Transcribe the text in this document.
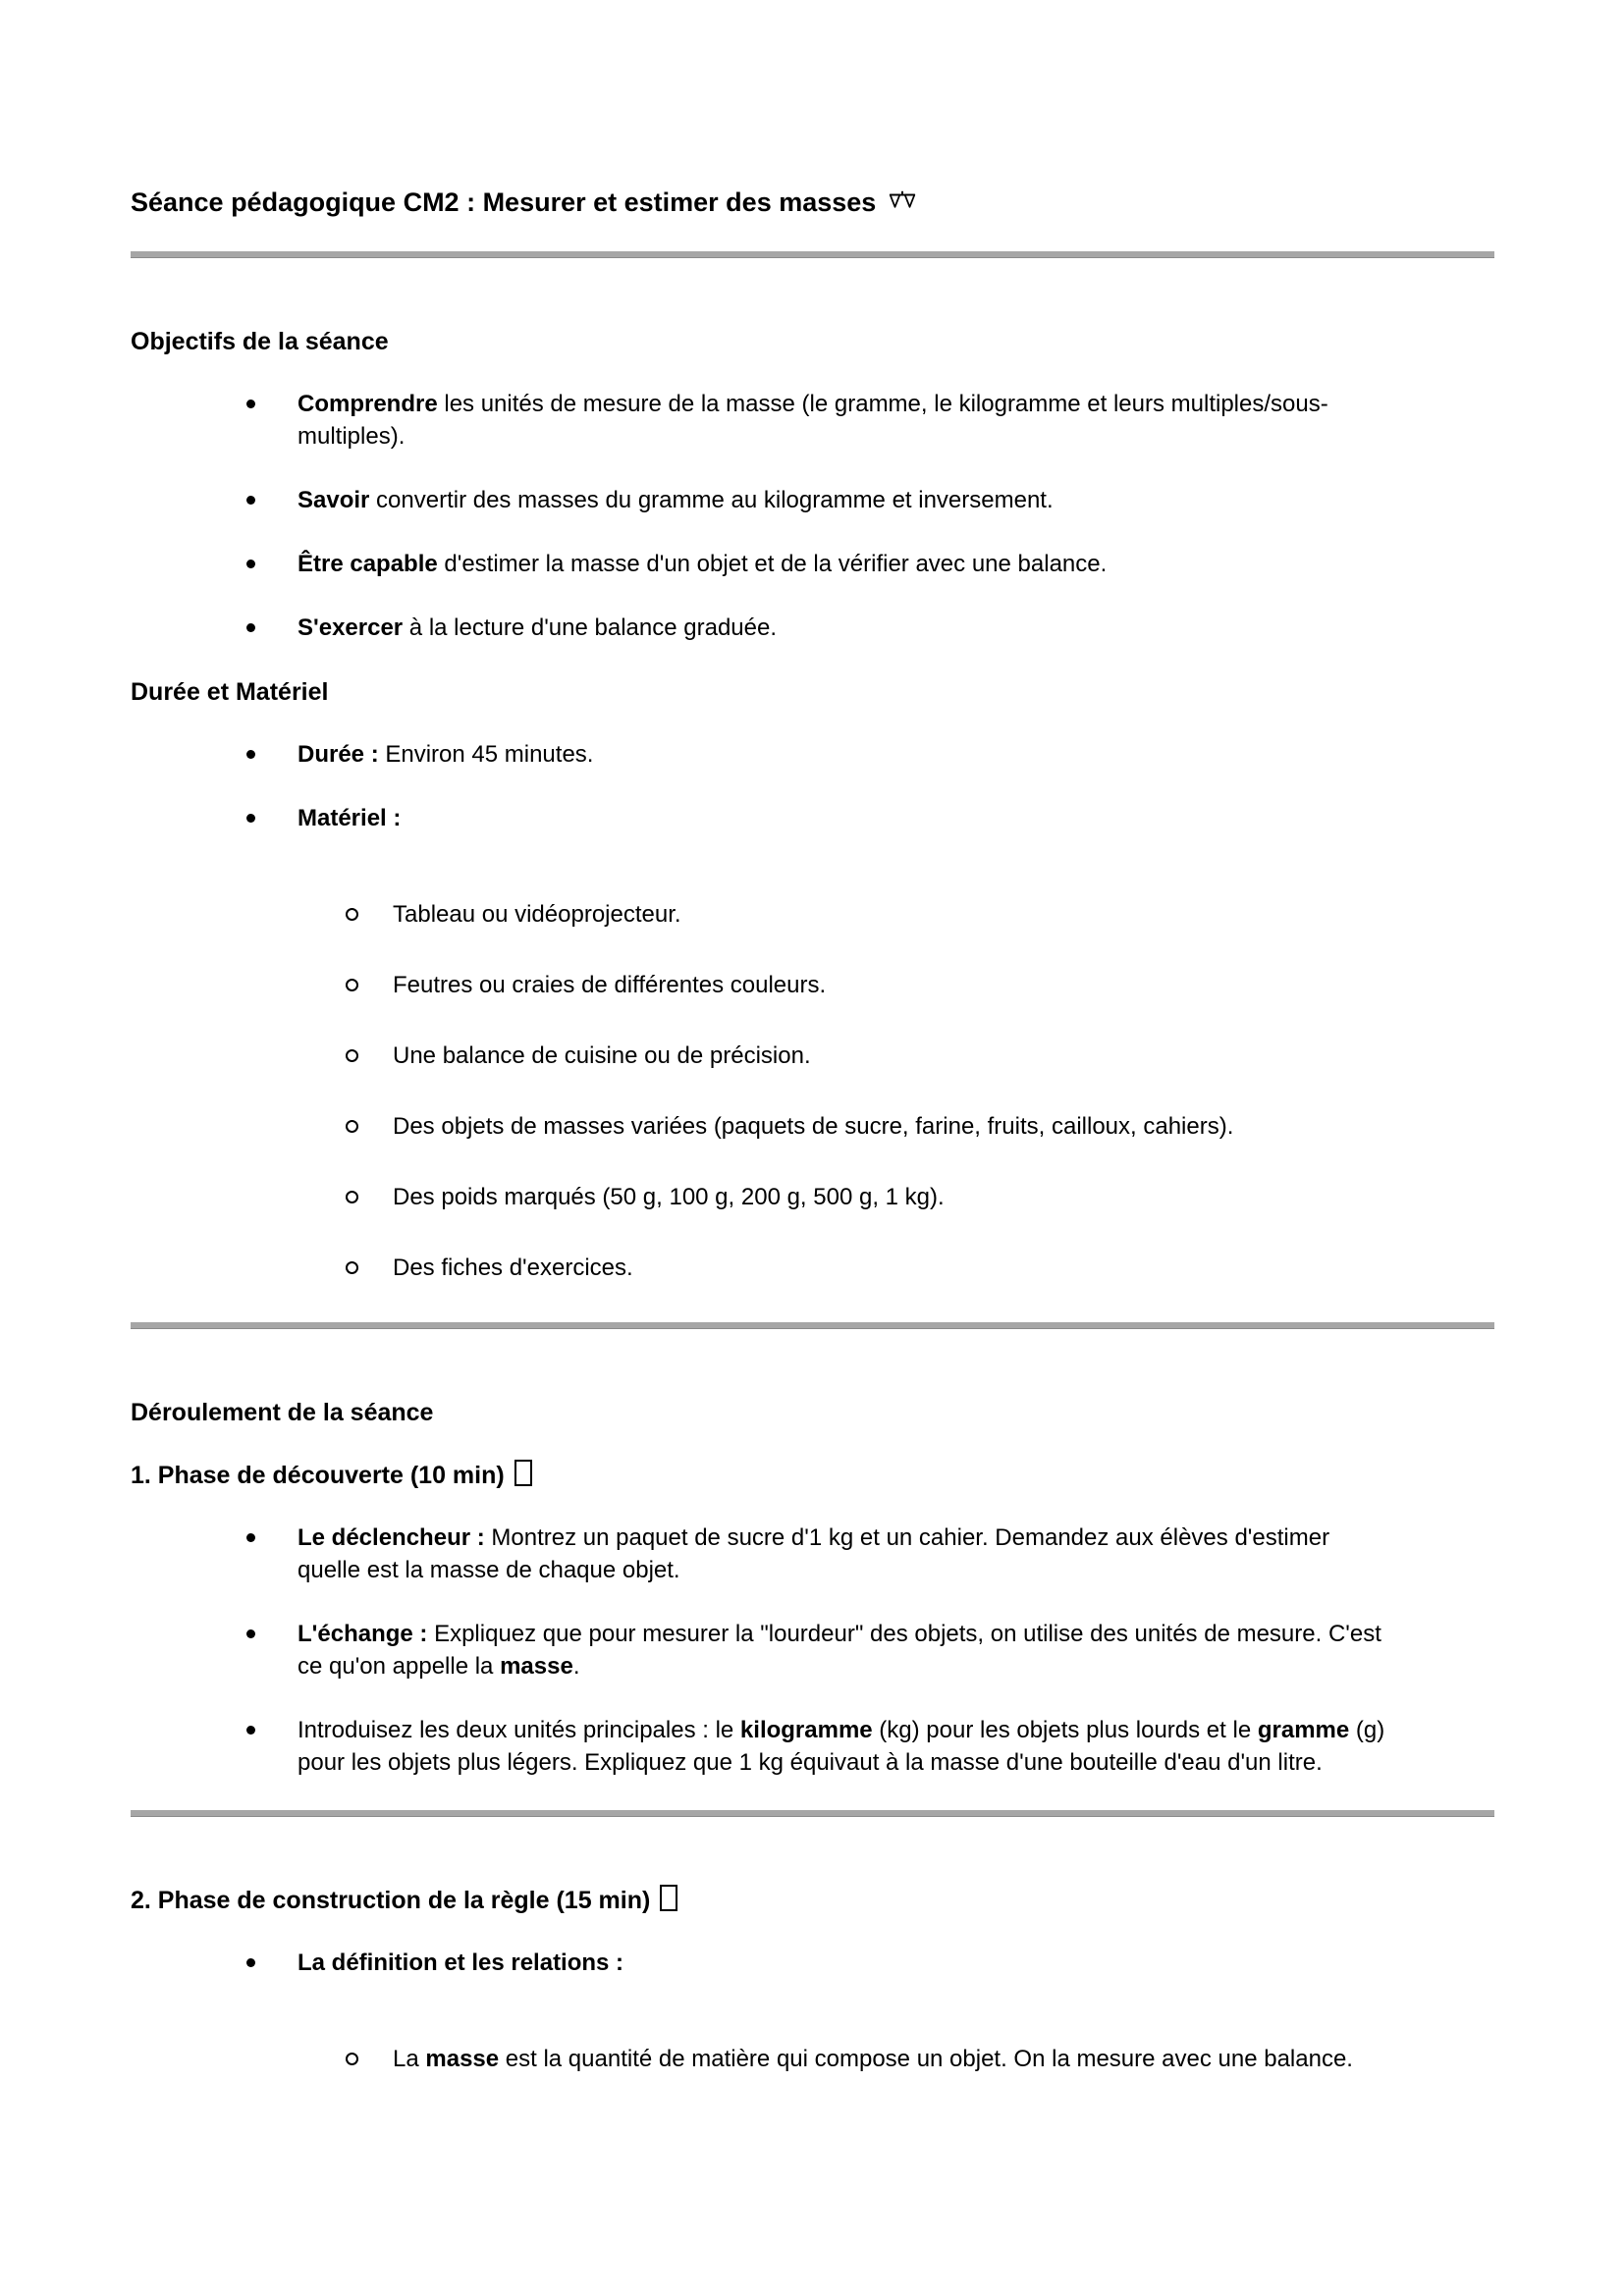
Séance pédagogique CM2 : Mesurer et estimer des masses
Objectifs de la séance
Comprendre les unités de mesure de la masse (le gramme, le kilogramme et leurs multiples/sous-
multiples).
Savoir convertir des masses du gramme au kilogramme et inversement.
Être capable d'estimer la masse d'un objet et de la vérifier avec une balance.
S'exercer à la lecture d'une balance graduée.
Durée et Matériel
Durée : Environ 45 minutes.
Matériel :
Tableau ou vidéoprojecteur.
Feutres ou craies de différentes couleurs.
Une balance de cuisine ou de précision.
Des objets de masses variées (paquets de sucre, farine, fruits, cailloux, cahiers).
Des poids marqués (50 g, 100 g, 200 g, 500 g, 1 kg).
Des fiches d'exercices.
Déroulement de la séance
1. Phase de découverte (10 min)
Le déclencheur : Montrez un paquet de sucre d'1 kg et un cahier. Demandez aux élèves d'estimer
quelle est la masse de chaque objet.
L'échange : Expliquez que pour mesurer la "lourdeur" des objets, on utilise des unités de mesure. C'est
ce qu'on appelle la masse.
Introduisez les deux unités principales : le kilogramme (kg) pour les objets plus lourds et le gramme (g)
pour les objets plus légers. Expliquez que 1 kg équivaut à la masse d'une bouteille d'eau d'un litre.
2. Phase de construction de la règle (15 min)
La définition et les relations :
La masse est la quantité de matière qui compose un objet. On la mesure avec une balance.
